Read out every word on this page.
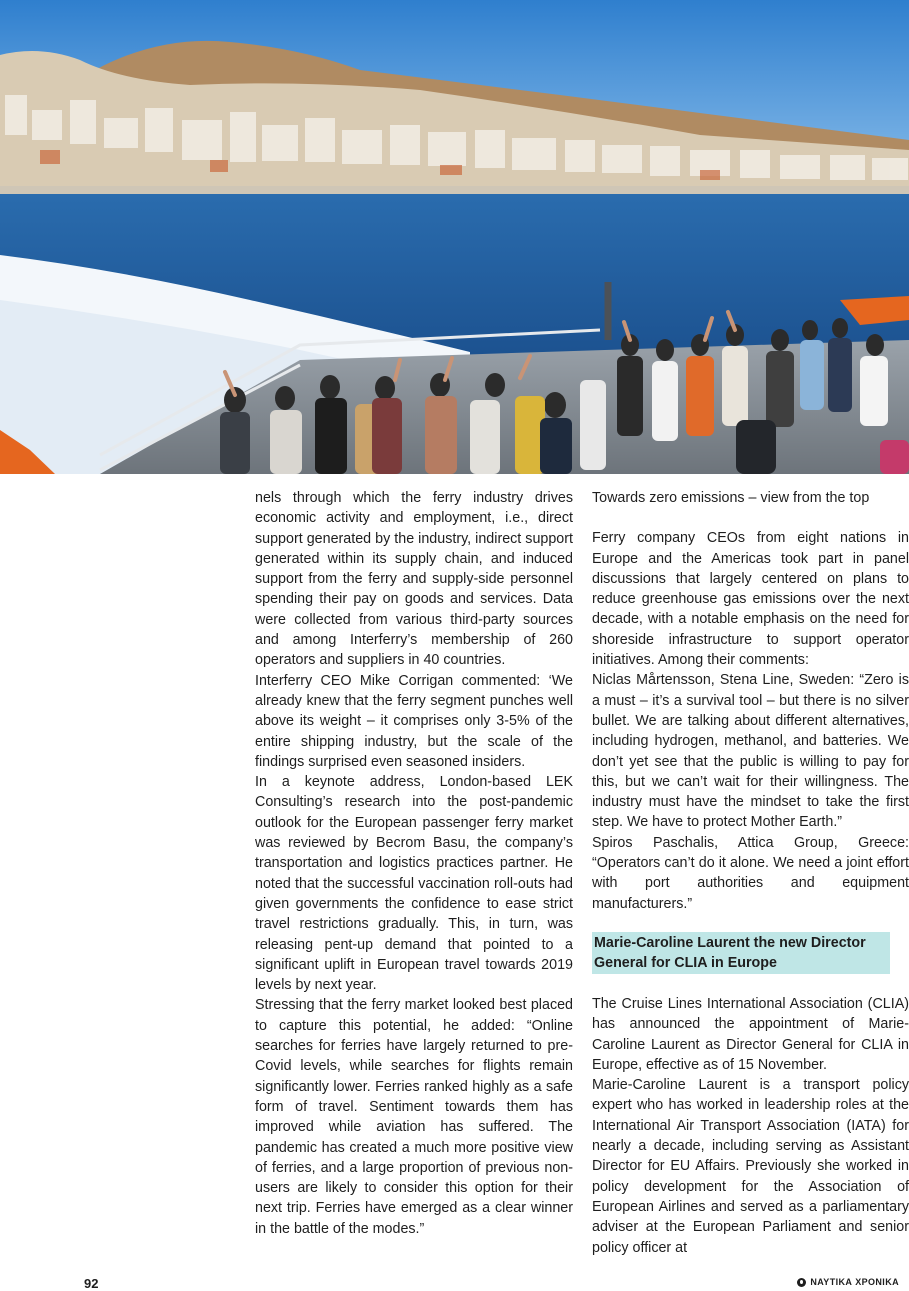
nels through which the ferry industry drives economic activity and employment, i.e., direct support generated by the industry, indirect support generated within its supply chain, and induced support from the ferry and supply-side personnel spending their pay on goods and services. Data were collected from various third-party sources and among Interferry’s membership of 260 operators and suppliers in 40 countries.

Interferry CEO Mike Corrigan commented: ‘We already knew that the ferry segment punches well above its weight – it comprises only 3-5% of the entire shipping industry, but the scale of the findings surprised even seasoned insiders.

In a keynote address, London-based LEK Consulting’s research into the post-pandemic outlook for the European passenger ferry market was reviewed by Becrom Basu, the company’s transportation and logistics practices partner. He noted that the successful vaccination roll-outs had given governments the confidence to ease strict travel restrictions gradually. This, in turn, was releasing pent-up demand that pointed to a significant uplift in European travel towards 2019 levels by next year.

Stressing that the ferry market looked best placed to capture this potential, he added: “Online searches for ferries have largely returned to pre-Covid levels, while searches for flights remain significantly lower. Ferries ranked highly as a safe form of travel. Sentiment towards them has improved while aviation has suffered. The pandemic has created a much more positive view of ferries, and a large proportion of previous non-users are likely to consider this option for their next trip. Ferries have emerged as a clear winner in the battle of the modes.”

Towards zero emissions – view from the top

Ferry company CEOs from eight nations in Europe and the Americas took part in panel discussions that largely centered on plans to reduce greenhouse gas emissions over the next decade, with a notable emphasis on the need for shoreside infrastructure to support operator initiatives. Among their comments:

Niclas Mårtensson, Stena Line, Sweden: “Zero is a must – it’s a survival tool – but there is no silver bullet. We are talking about different alternatives, including hydrogen, methanol, and batteries. We don’t yet see that the public is willing to pay for this, but we can’t wait for their willingness. The industry must have the mindset to take the first step. We have to protect Mother Earth.”

Spiros Paschalis, Attica Group, Greece: “Operators can’t do it alone. We need a joint effort with port authorities and equipment manufacturers.”

Marie-Caroline Laurent the new Director General for CLIA in Europe

The Cruise Lines International Association (CLIA) has announced the appointment of Marie-Caroline Laurent as Director General for CLIA in Europe, effective as of 15 November.

Marie-Caroline Laurent is a transport policy expert who has worked in leadership roles at the International Air Transport Association (IATA) for nearly a decade, including serving as Assistant Director for EU Affairs. Previously she worked in policy development for the Association of European Airlines and served as a parliamentary adviser at the European Parliament and senior policy officer at

92	ΝΑΥΤΙΚΑ ΧΡΟΝΙΚΑ
